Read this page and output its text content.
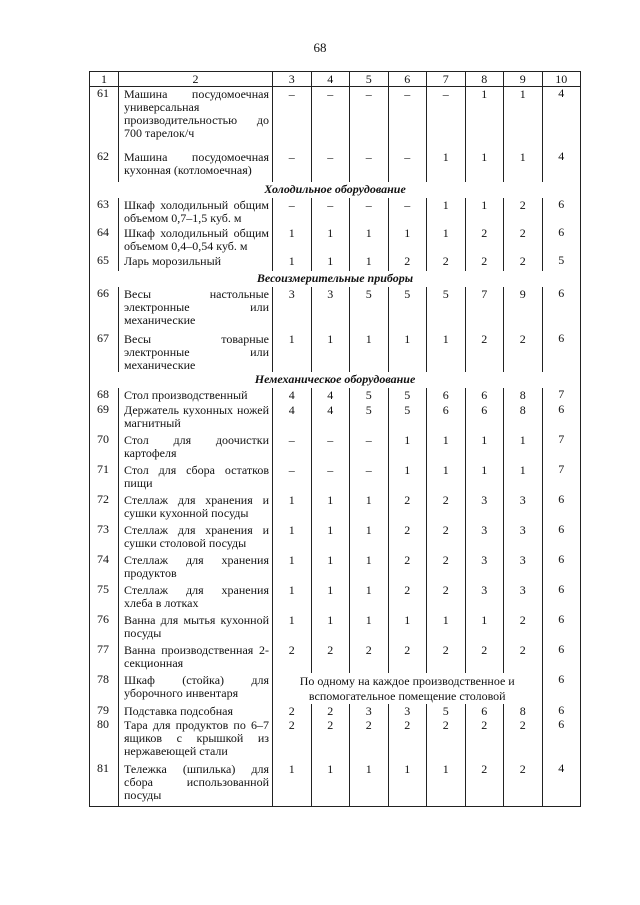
68
1	2	3	4	5	6	7	8	9	10
61	Машина посудомоечная универсальная производительностью до 700 тарелок/ч	–	–	–	–	–	1	1	4
62	Машина посудомоечная кухонная (котломоечная)	–	–	–	–	1	1	1	4
Холодильное оборудование									
63	Шкаф холодильный общим объемом 0,7–1,5 куб. м	–	–	–	–	1	1	2	6
64	Шкаф холодильный общим объемом 0,4–0,54 куб. м	1	1	1	1	1	2	2	6
65	Ларь морозильный	1	1	1	2	2	2	2	5
Весоизмерительные приборы									
66	Весы настольные электронные или механические	3	3	5	5	5	7	9	6
67	Весы товарные электронные или механические	1	1	1	1	1	2	2	6
Немеханическое оборудование									
68	Стол производственный	4	4	5	5	6	6	8	7
69	Держатель кухонных ножей магнитный	4	4	5	5	6	6	8	6
70	Стол для доочистки картофеля	–	–	–	1	1	1	1	7
71	Стол для сбора остатков пищи	–	–	–	1	1	1	1	7
72	Стеллаж для хранения и сушки кухонной посуды	1	1	1	2	2	3	3	6
73	Стеллаж для хранения и сушки столовой посуды	1	1	1	2	2	3	3	6
74	Стеллаж для хранения продуктов	1	1	1	2	2	3	3	6
75	Стеллаж для хранения хлеба в лотках	1	1	1	2	2	3	3	6
76	Ванна для мытья кухонной посуды	1	1	1	1	1	1	2	6
77	Ванна производственная 2-секционная	2	2	2	2	2	2	2	6
78	Шкаф (стойка) для уборочного инвентаря	По одному на каждое производственное и вспомогательное помещение столовой							6
79	Подставка подсобная	2	2	3	3	5	6	8	6
80	Тара для продуктов по 6–7 ящиков с крышкой из нержавеющей стали	2	2	2	2	2	2	2	6
81	Тележка (шпилька) для сбора использованной посуды	1	1	1	1	1	2	2	4
